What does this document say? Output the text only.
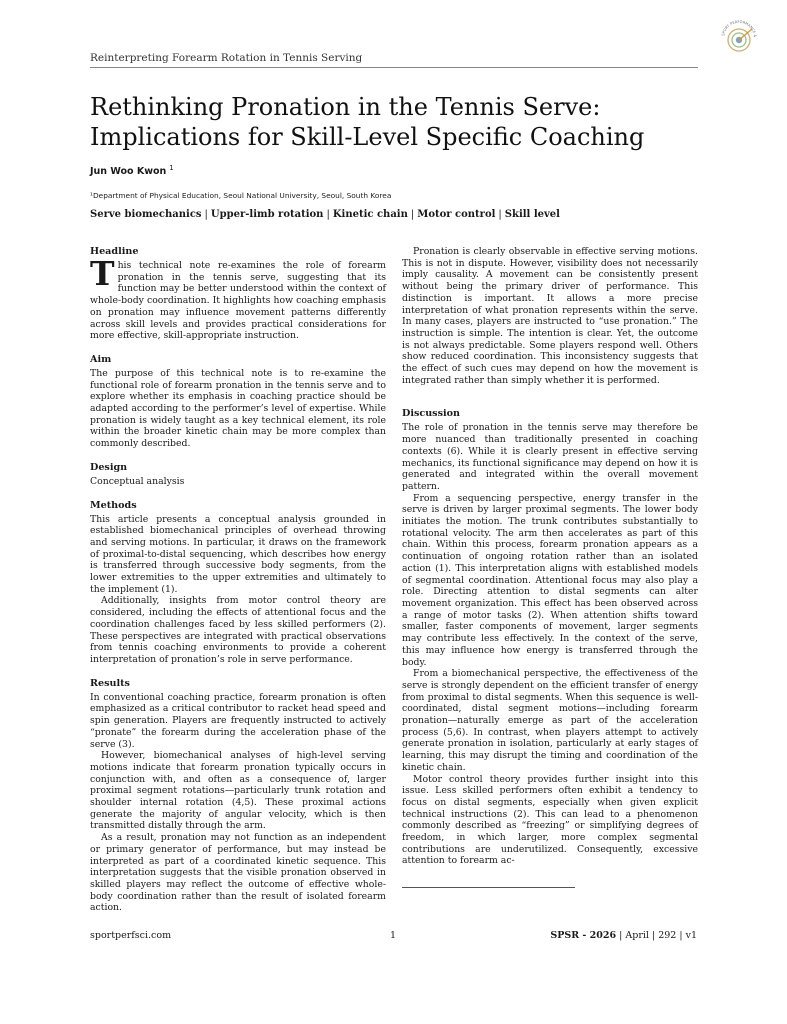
Reinterpreting Forearm Rotation in Tennis Serving
SPORT PERFORMANCE &
Rethinking Pronation in the Tennis Serve:
Implications for Skill-Level Specific Coaching
Jun Woo Kwon $^1$
¹Department of Physical Education, Seoul National University, Seoul, South Korea
Serve biomechanics | Upper-limb rotation | Kinetic chain | Motor control | Skill level
Headline

This technical note re-examines the role of forearm pronation in the tennis serve, suggesting that its function may be better understood within the context of whole-body coordination. It highlights how coaching emphasis on pronation may influence movement patterns differently across skill levels and provides practical considerations for more effective, skill-appropriate instruction.

Aim

The purpose of this technical note is to re-examine the functional role of forearm pronation in the tennis serve and to explore whether its emphasis in coaching practice should be adapted according to the performer’s level of expertise. While pronation is widely taught as a key technical element, its role within the broader kinetic chain may be more complex than commonly described.

Design

Conceptual analysis

Methods

This article presents a conceptual analysis grounded in established biomechanical principles of overhead throwing and serving motions. In particular, it draws on the framework of proximal-to-distal sequencing, which describes how energy is transferred through successive body segments, from the lower extremities to the upper extremities and ultimately to the implement (1).

Additionally, insights from motor control theory are considered, including the effects of attentional focus and the coordination challenges faced by less skilled performers (2). These perspectives are integrated with practical observations from tennis coaching environments to provide a coherent interpretation of pronation’s role in serve performance.

Results

In conventional coaching practice, forearm pronation is often emphasized as a critical contributor to racket head speed and spin generation. Players are frequently instructed to actively “pronate” the forearm during the acceleration phase of the serve (3).

However, biomechanical analyses of high-level serving motions indicate that forearm pronation typically occurs in conjunction with, and often as a consequence of, larger proximal segment rotations—particularly trunk rotation and shoulder internal rotation (4,5). These proximal actions generate the majority of angular velocity, which is then transmitted distally through the arm.

As a result, pronation may not function as an independent or primary generator of performance, but may instead be interpreted as part of a coordinated kinetic sequence. This interpretation suggests that the visible pronation observed in skilled players may reflect the outcome of effective whole-body coordination rather than the result of isolated forearm action.

Pronation is clearly observable in effective serving motions. This is not in dispute. However, visibility does not necessarily imply causality. A movement can be consistently present without being the primary driver of performance. This distinction is important. It allows a more precise interpretation of what pronation represents within the serve. In many cases, players are instructed to “use pronation.” The instruction is simple. The intention is clear. Yet, the outcome is not always predictable. Some players respond well. Others show reduced coordination. This inconsistency suggests that the effect of such cues may depend on how the movement is integrated rather than simply whether it is performed.

Discussion

The role of pronation in the tennis serve may therefore be more nuanced than traditionally presented in coaching contexts (6). While it is clearly present in effective serving mechanics, its functional significance may depend on how it is generated and integrated within the overall movement pattern.

From a sequencing perspective, energy transfer in the serve is driven by larger proximal segments. The lower body initiates the motion. The trunk contributes substantially to rotational velocity. The arm then accelerates as part of this chain. Within this process, forearm pronation appears as a continuation of ongoing rotation rather than an isolated action (1). This interpretation aligns with established models of segmental coordination. Attentional focus may also play a role. Directing attention to distal segments can alter movement organization. This effect has been observed across a range of motor tasks (2). When attention shifts toward smaller, faster components of movement, larger segments may contribute less effectively. In the context of the serve, this may influence how energy is transferred through the body.

From a biomechanical perspective, the effectiveness of the serve is strongly dependent on the efficient transfer of energy from proximal to distal segments. When this sequence is well-coordinated, distal segment motions—including forearm pronation—naturally emerge as part of the acceleration process (5,6). In contrast, when players attempt to actively generate pronation in isolation, particularly at early stages of learning, this may disrupt the timing and coordination of the kinetic chain.

Motor control theory provides further insight into this issue. Less skilled performers often exhibit a tendency to focus on distal segments, especially when given explicit technical instructions (2). This can lead to a phenomenon commonly described as “freezing” or simplifying degrees of freedom, in which larger, more complex segmental contributions are underutilized. Consequently, excessive attention to forearm ac-

sportperfsci.com	1	SPSR - 2026 | April | 292 | v1
